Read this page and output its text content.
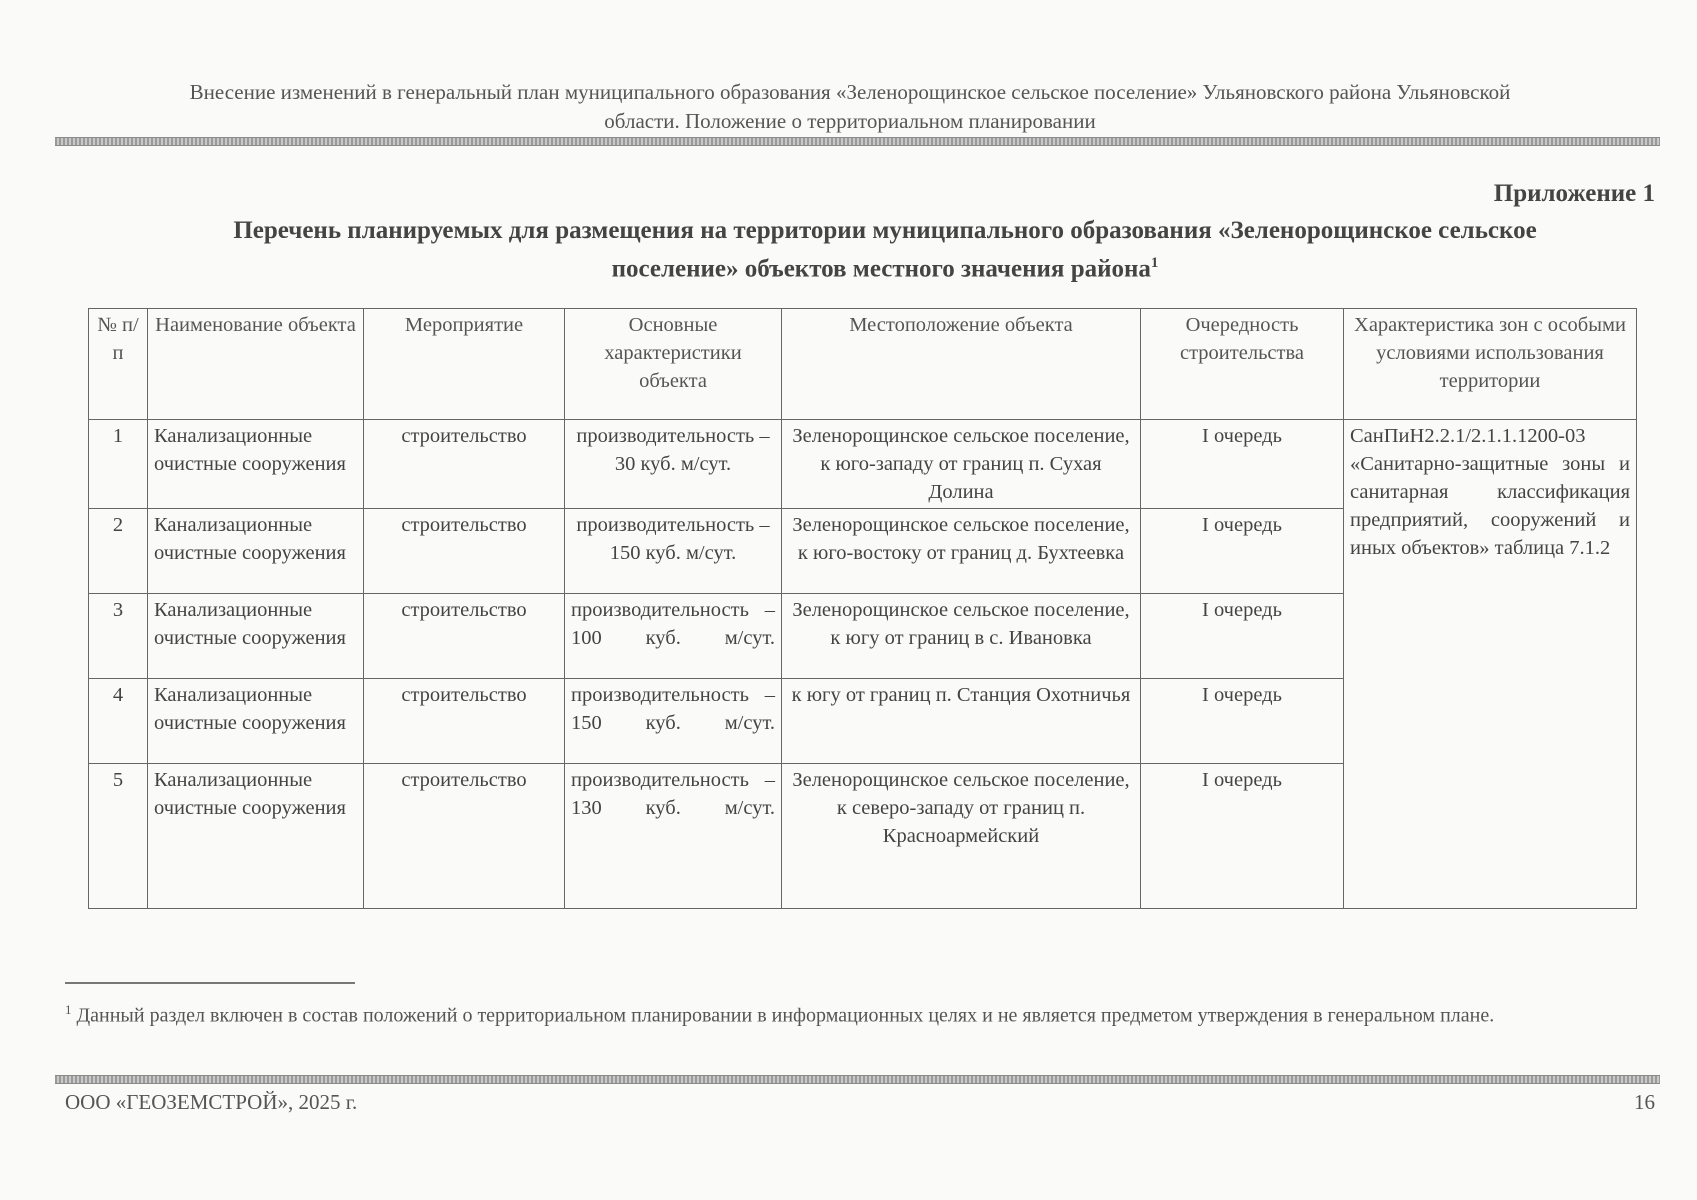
Внесение изменений в генеральный план муниципального образования «Зеленорощинское сельское поселение» Ульяновского района Ульяновской
области. Положение о территориальном планировании
Приложение 1
Перечень планируемых для размещения на территории муниципального образования «Зеленорощинское сельское
поселение» объектов местного значения района$^1$
№ п/п	Наименование объекта	Мероприятие	Основные характеристики объекта	Местоположение объекта	Очередность строительства	Характеристика зон с особыми условиями использования территории
1	Канализационные очистные сооружения	строительство	производительность – 30 куб. м/сут.	Зеленорощинское сельское поселение, к юго-западу от границ п. Сухая Долина	I очередь	СанПиН2.2.1/2.1.1.1200-03 «Санитарно-защитные зоны и санитарная классификация предприятий, сооружений и иных объектов» таблица 7.1.2
2	Канализационные очистные сооружения	строительство	производительность – 150 куб. м/сут.	Зеленорощинское сельское поселение, к юго-востоку от границ д. Бухтеевка	I очередь	
3	Канализационные очистные сооружения	строительство	производительность – 100 куб. м/сут.	Зеленорощинское сельское поселение, к югу от границ в с. Ивановка	I очередь	
4	Канализационные очистные сооружения	строительство	производительность – 150 куб. м/сут.	к югу от границ п. Станция Охотничья	I очередь	
5	Канализационные очистные сооружения	строительство	производительность – 130 куб. м/сут.	Зеленорощинское сельское поселение, к северо-западу от границ п. Красноармейский	I очередь	
$^1$ Данный раздел включен в состав положений о территориальном планировании в информационных целях и не является предметом утверждения в генеральном плане.
ООО «ГЕОЗЕМСТРОЙ», 2025 г.	16
